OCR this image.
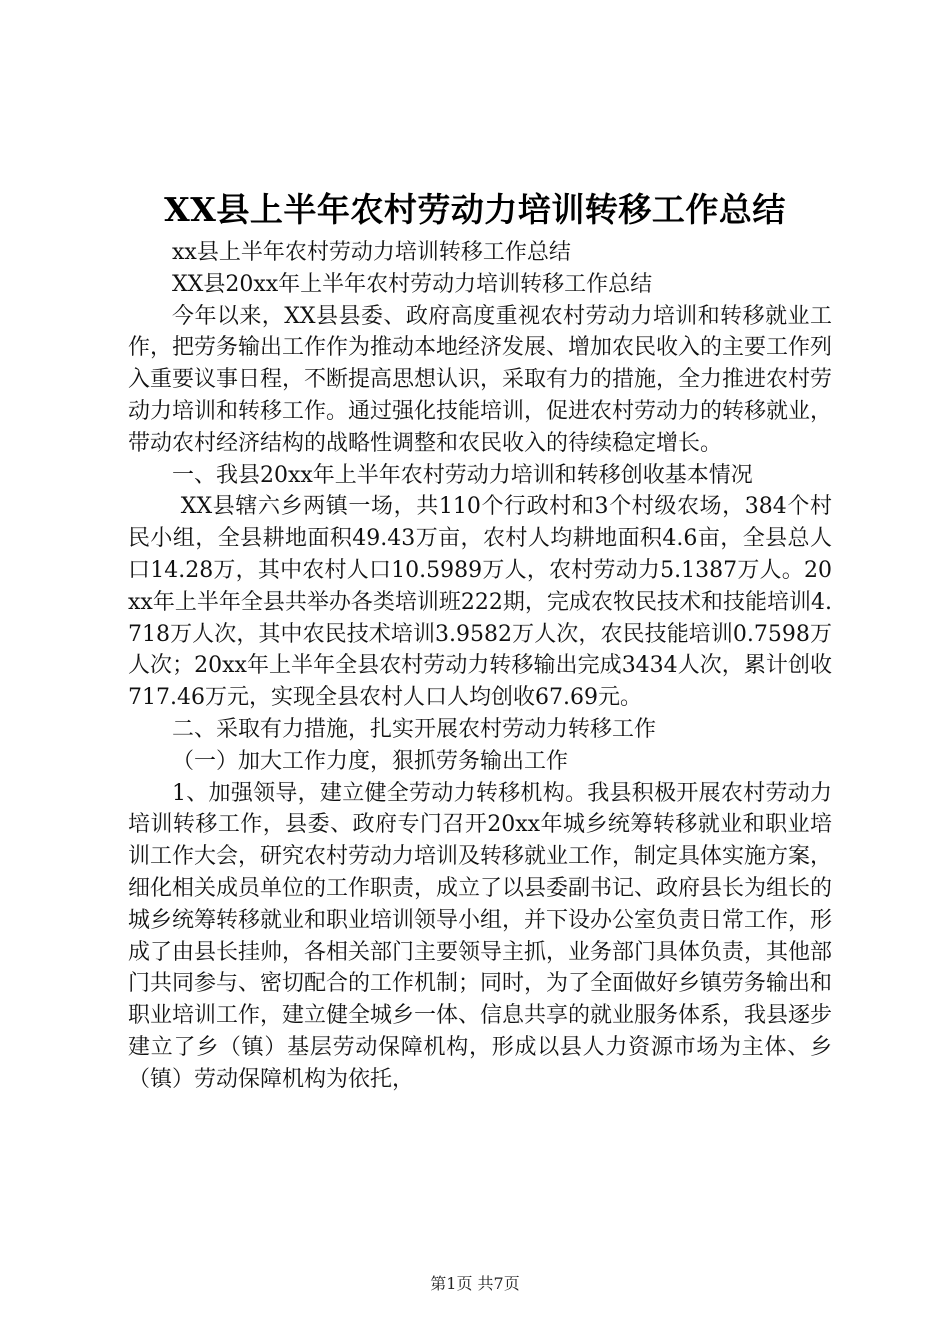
XX县上半年农村劳动力培训转移工作总结

xx县上半年农村劳动力培训转移工作总结

XX县20xx年上半年农村劳动力培训转移工作总结

今年以来，XX县县委、政府高度重视农村劳动力培训和转移就业工作，把劳务输出工作作为推动本地经济发展、增加农民收入的主要工作列入重要议事日程，不断提高思想认识，采取有力的措施，全力推进农村劳动力培训和转移工作。通过强化技能培训，促进农村劳动力的转移就业，带动农村经济结构的战略性调整和农民收入的待续稳定增长。

一、我县20xx年上半年农村劳动力培训和转移创收基本情况

XX县辖六乡两镇一场，共110个行政村和3个村级农场，384个村民小组，全县耕地面积49.43万亩，农村人均耕地面积4.6亩，全县总人口14.28万，其中农村人口10.5989万人，农村劳动力5.1387万人。20xx年上半年全县共举办各类培训班222期，完成农牧民技术和技能培训4.718万人次，其中农民技术培训3.9582万人次，农民技能培训0.7598万人次；20xx年上半年全县农村劳动力转移输出完成3434人次，累计创收717.46万元，实现全县农村人口人均创收67.69元。

二、采取有力措施，扎实开展农村劳动力转移工作

（一）加大工作力度，狠抓劳务输出工作

1、加强领导，建立健全劳动力转移机构。我县积极开展农村劳动力培训转移工作，县委、政府专门召开20xx年城乡统筹转移就业和职业培训工作大会，研究农村劳动力培训及转移就业工作，制定具体实施方案，细化相关成员单位的工作职责，成立了以县委副书记、政府县长为组长的城乡统筹转移就业和职业培训领导小组，并下设办公室负责日常工作，形成了由县长挂帅，各相关部门主要领导主抓，业务部门具体负责，其他部门共同参与、密切配合的工作机制；同时，为了全面做好乡镇劳务输出和职业培训工作，建立健全城乡一体、信息共享的就业服务体系，我县逐步建立了乡（镇）基层劳动保障机构，形成以县人力资源市场为主体、乡（镇）劳动保障机构为依托，

第1页 共7页
